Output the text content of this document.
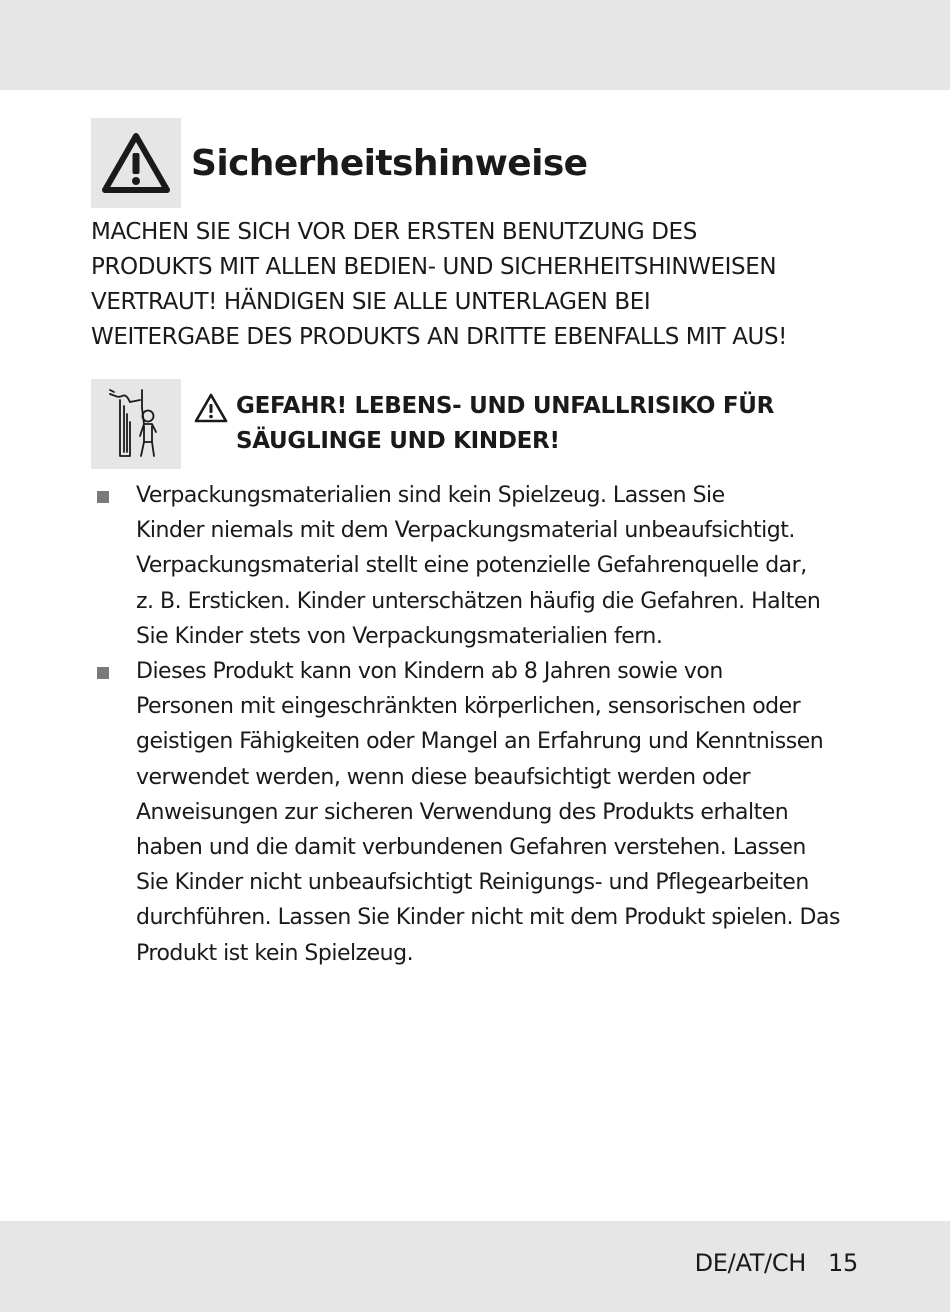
Sicherheitshinweise
MACHEN SIE SICH VOR DER ERSTEN BENUTZUNG DES
PRODUKTS MIT ALLEN BEDIEN- UND SICHERHEITSHINWEISEN
VERTRAUT! HÄNDIGEN SIE ALLE UNTERLAGEN BEI
WEITERGABE DES PRODUKTS AN DRITTE EBENFALLS MIT AUS!
GEFAHR! LEBENS- UND UNFALLRISIKO FÜR
SÄUGLINGE UND KINDER!
Verpackungsmaterialien sind kein Spielzeug. Lassen Sie
Kinder niemals mit dem Verpackungsmaterial unbeaufsichtigt.
Verpackungsmaterial stellt eine potenzielle Gefahrenquelle dar,
z. B. Ersticken. Kinder unterschätzen häufig die Gefahren. Halten
Sie Kinder stets von Verpackungsmaterialien fern.
Dieses Produkt kann von Kindern ab 8 Jahren sowie von
Personen mit eingeschränkten körperlichen, sensorischen oder
geistigen Fähigkeiten oder Mangel an Erfahrung und Kenntnissen
verwendet werden, wenn diese beaufsichtigt werden oder
Anweisungen zur sicheren Verwendung des Produkts erhalten
haben und die damit verbundenen Gefahren verstehen. Lassen
Sie Kinder nicht unbeaufsichtigt Reinigungs- und Pflegearbeiten
durchführen. Lassen Sie Kinder nicht mit dem Produkt spielen. Das
Produkt ist kein Spielzeug.
DE/AT/CH 15
